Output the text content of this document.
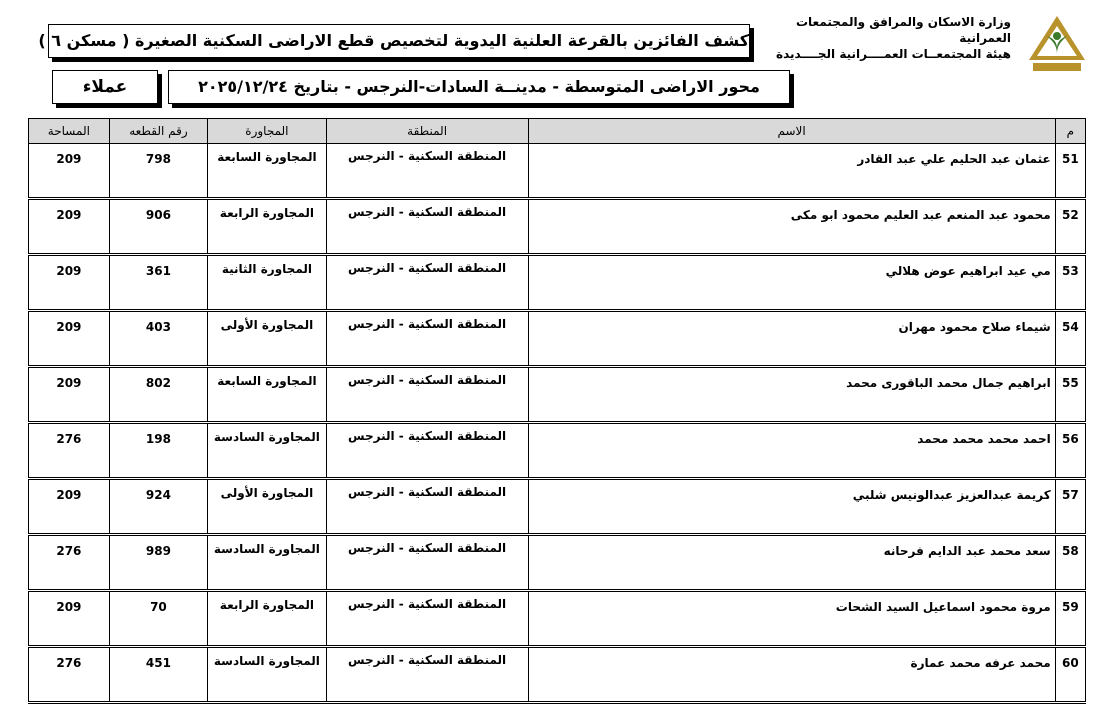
وزارة الاسكان والمرافق والمجتمعات العمرانية
هيئة المجتمعــات العمــــرانية الجــــديدة
كشف الفائزين بالقرعة العلنية اليدوية لتخصيص قطع الاراضى السكنية الصغيرة ( مسكن ٦ )
محور الاراضى المتوسطة - مدينــة السادات-النرجس - بتاريخ ٢٠٢٥/١٢/٢٤
عملاء
م	الاسم	المنطقة	المجاورة	رقم القطعه	المساحة
51	عثمان عبد الحليم علي عبد القادر	المنطقة السكنية - النرجس	المجاورة السابعة	798	209
52	محمود عبد المنعم عبد العليم محمود ابو مكى	المنطقة السكنية - النرجس	المجاورة الرابعة	906	209
53	مي عيد ابراهيم عوض هلالي	المنطقة السكنية - النرجس	المجاورة الثانية	361	209
54	شيماء صلاح محمود مهران	المنطقة السكنية - النرجس	المجاورة الأولى	403	209
55	ابراهيم جمال محمد الباقورى محمد	المنطقة السكنية - النرجس	المجاورة السابعة	802	209
56	احمد محمد محمد محمد	المنطقة السكنية - النرجس	المجاورة السادسة	198	276
57	كريمة عبدالعزيز عبدالونيس شلبي	المنطقة السكنية - النرجس	المجاورة الأولى	924	209
58	سعد محمد عبد الدايم فرحانه	المنطقة السكنية - النرجس	المجاورة السادسة	989	276
59	مروة محمود اسماعيل السيد الشحات	المنطقة السكنية - النرجس	المجاورة الرابعة	70	209
60	محمد عرفه محمد عمارة	المنطقة السكنية - النرجس	المجاورة السادسة	451	276
